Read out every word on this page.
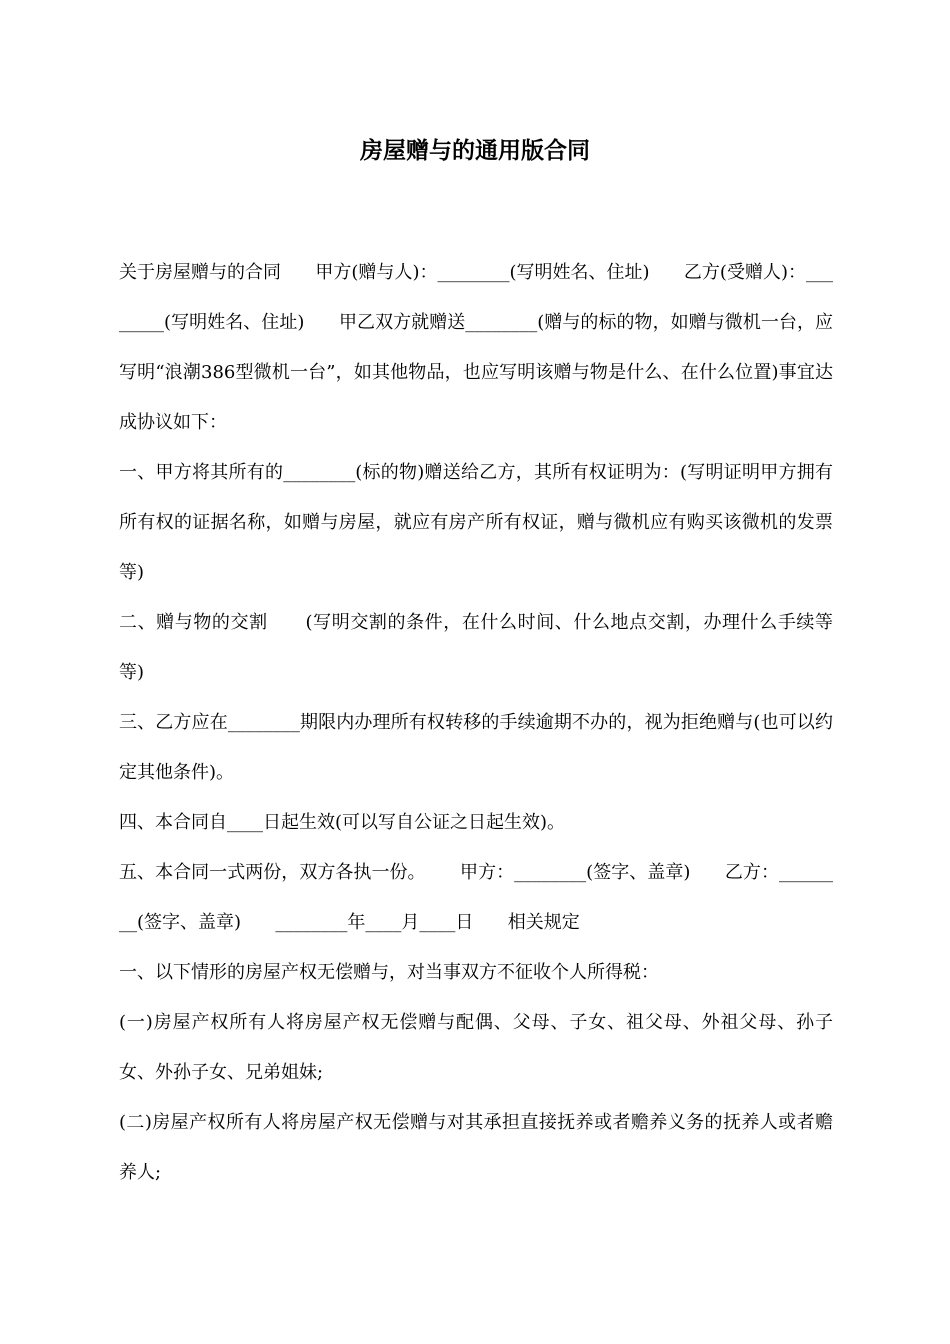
房屋赠与的通用版合同

关于房屋赠与的合同      甲方(赠与人)：________(写明姓名、住址)      乙方(受赠人)：________(写明姓名、住址)      甲乙双方就赠送________(赠与的标的物，如赠与微机一台，应写明“浪潮386型微机一台”，如其他物品，也应写明该赠与物是什么、在什么位置)事宜达成协议如下：

一、甲方将其所有的________(标的物)赠送给乙方，其所有权证明为：(写明证明甲方拥有所有权的证据名称，如赠与房屋，就应有房产所有权证，赠与微机应有购买该微机的发票等)

二、赠与物的交割      (写明交割的条件，在什么时间、什么地点交割，办理什么手续等等)

三、乙方应在________期限内办理所有权转移的手续逾期不办的，视为拒绝赠与(也可以约定其他条件)。

四、本合同自____日起生效(可以写自公证之日起生效)。

五、本合同一式两份，双方各执一份。      甲方：________(签字、盖章)      乙方：________(签字、盖章)      ________年____月____日      相关规定

一、以下情形的房屋产权无偿赠与，对当事双方不征收个人所得税：

(一)房屋产权所有人将房屋产权无偿赠与配偶、父母、子女、祖父母、外祖父母、孙子女、外孙子女、兄弟姐妹;

(二)房屋产权所有人将房屋产权无偿赠与对其承担直接抚养或者赡养义务的抚养人或者赡养人;
